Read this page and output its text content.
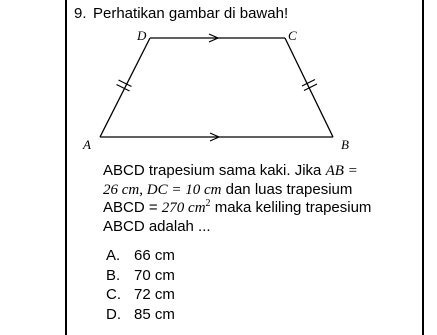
9. Perhatikan gambar di bawah!
D	C
A	B
ABCD trapesium sama kaki. Jika AB =
26 cm, DC = 10 cm dan luas trapesium
ABCD = 270 $cm^2$ maka keliling trapesium
ABCD adalah ...
A. 66 cm
B. 70 cm
C. 72 cm
D. 85 cm
